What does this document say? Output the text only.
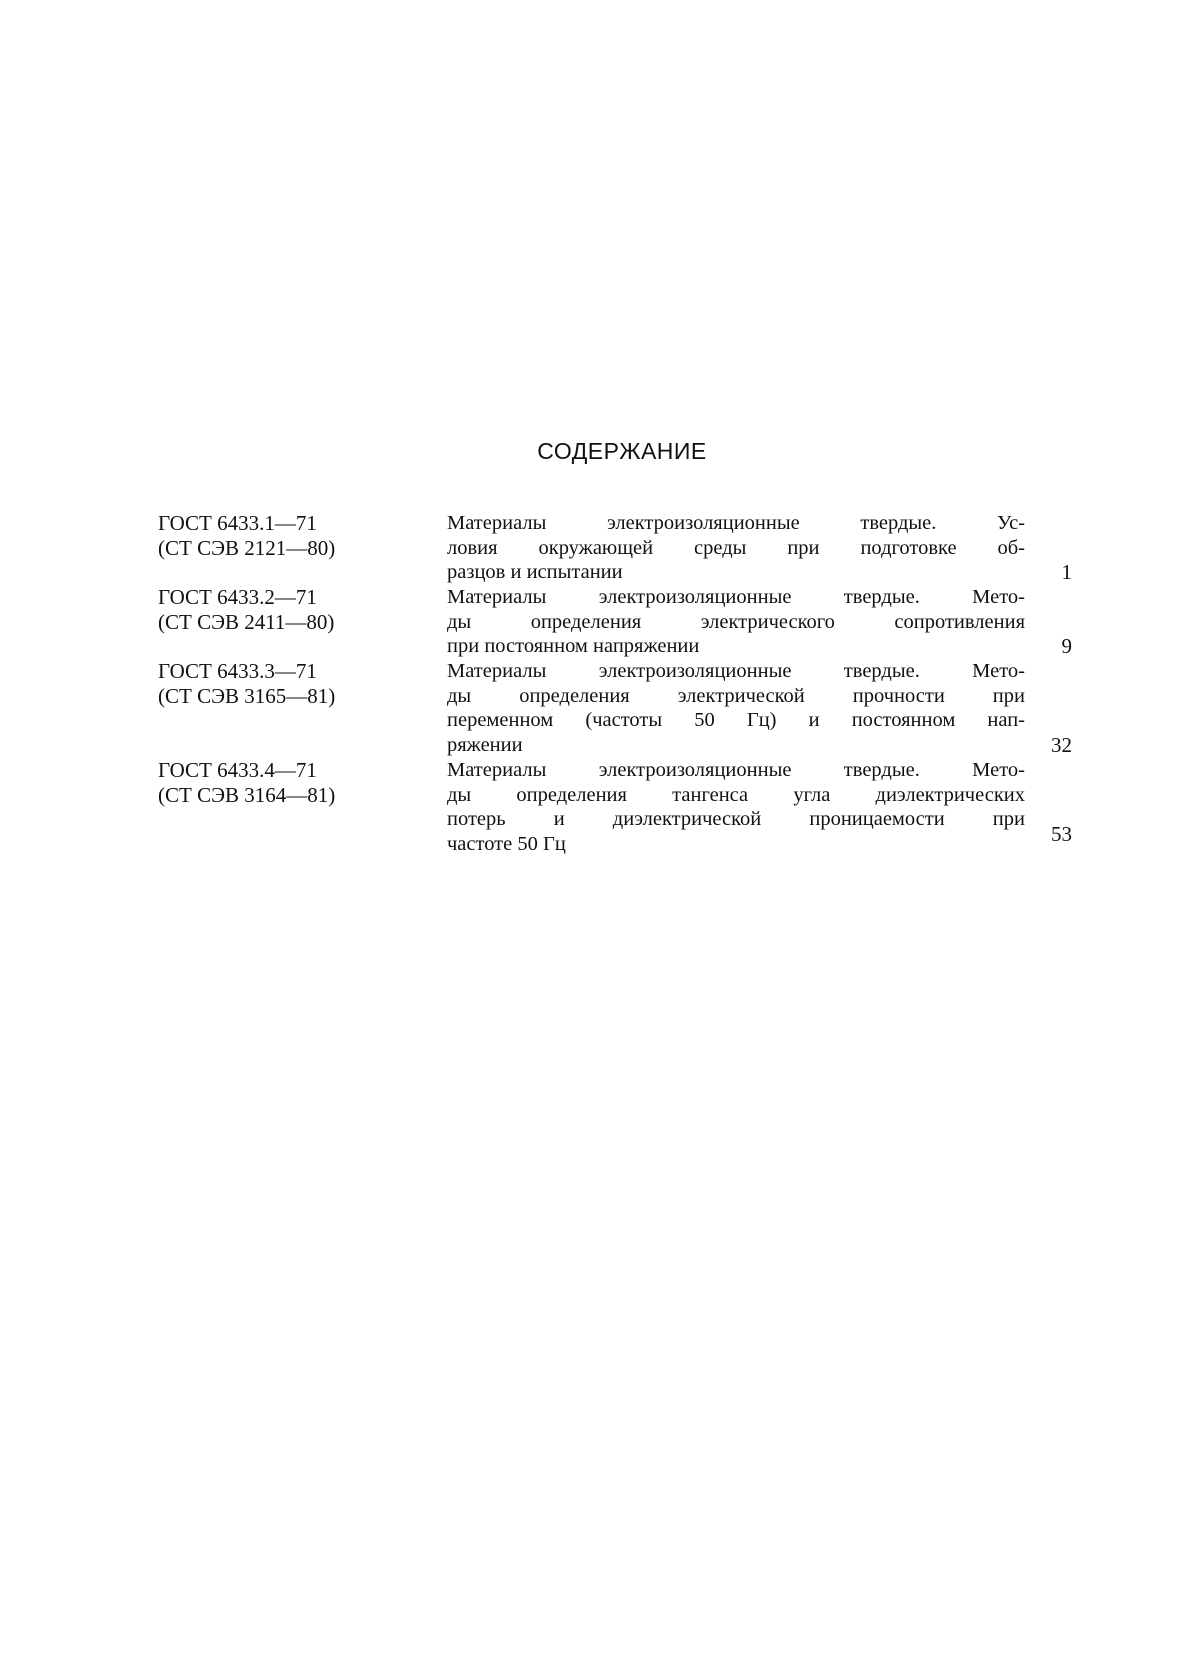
СОДЕРЖАНИЕ
ГОСТ 6433.1—71
(СТ СЭВ 2121—80)
Материалы электроизоляционные твердые. Ус-
ловия окружающей среды при подготовке об-
разцов и испытании	1
ГОСТ 6433.2—71
(СТ СЭВ 2411—80)
Материалы электроизоляционные твердые. Мето-
ды определения электрического сопротивления
при постоянном напряжении	9
ГОСТ 6433.3—71
(СТ СЭВ 3165—81)
Материалы электроизоляционные твердые. Мето-
ды определения электрической прочности при
переменном (частоты 50 Гц) и постоянном нап-
ряжении	32
ГОСТ 6433.4—71
(СТ СЭВ 3164—81)
Материалы электроизоляционные твердые. Мето-
ды определения тангенса угла диэлектрических
потерь и диэлектрической проницаемости при
частоте 50 Гц	53
